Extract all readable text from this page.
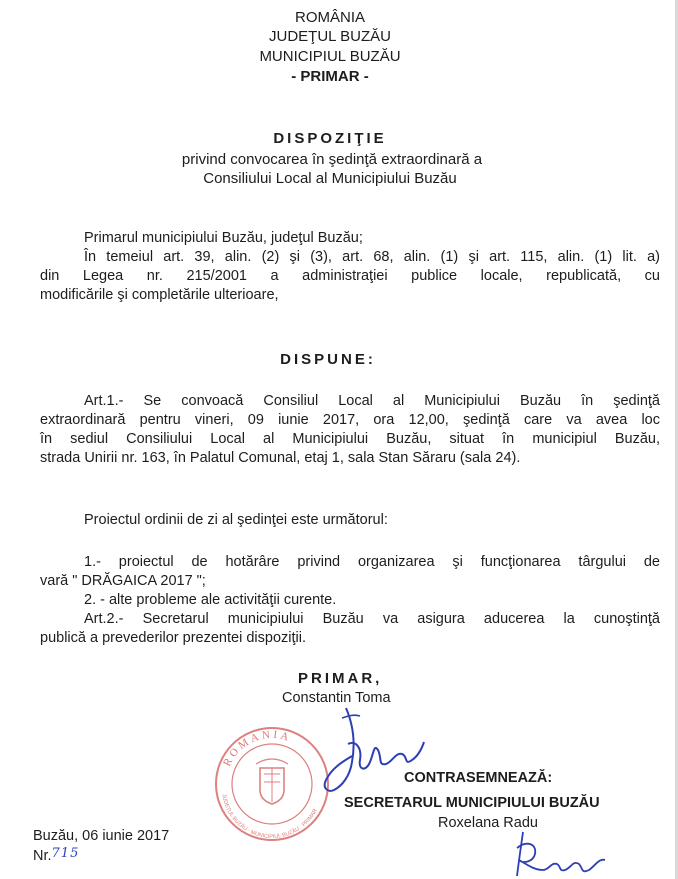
ROMÂNIA
JUDEŢUL BUZĂU
MUNICIPIUL BUZĂU
- PRIMAR -
DISPOZIŢIE
privind convocarea în şedinţă extraordinară a
Consiliului Local al Municipiului Buzău
Primarul municipiului Buzău, judeţul Buzău;
În temeiul art. 39, alin. (2) şi (3), art. 68, alin. (1) şi art. 115, alin. (1) lit. a)
din Legea nr. 215/2001 a administraţiei publice locale, republicată, cu
modificările şi completările ulterioare,
DISPUNE:
Art.1.- Se convoacă Consiliul Local al Municipiului Buzău în şedinţă
extraordinară pentru vineri, 09 iunie 2017, ora 12,00, şedinţă care va avea loc
în sediul Consiliului Local al Municipiului Buzău, situat în municipiul Buzău,
strada Unirii nr. 163, în Palatul Comunal, etaj 1, sala Stan Săraru (sala 24).
Proiectul ordinii de zi al şedinţei este următorul:
1.- proiectul de hotărâre privind organizarea şi funcţionarea târgului de
vară " DRĂGAICA 2017 ";
2. - alte probleme ale activităţii curente.
Art.2.- Secretarul municipiului Buzău va asigura aducerea la cunoştinţă
publică a prevederilor prezentei dispoziţii.
PRIMAR,
Constantin Toma
ROMANIA
JUDEȚUL BUZĂU · MUNICIPIUL BUZĂU · PRIMAR
CONTRASEMNEAZĂ:
SECRETARUL MUNICIPIULUI BUZĂU
Roxelana Radu
Buzău, 06 iunie 2017
Nr.715
